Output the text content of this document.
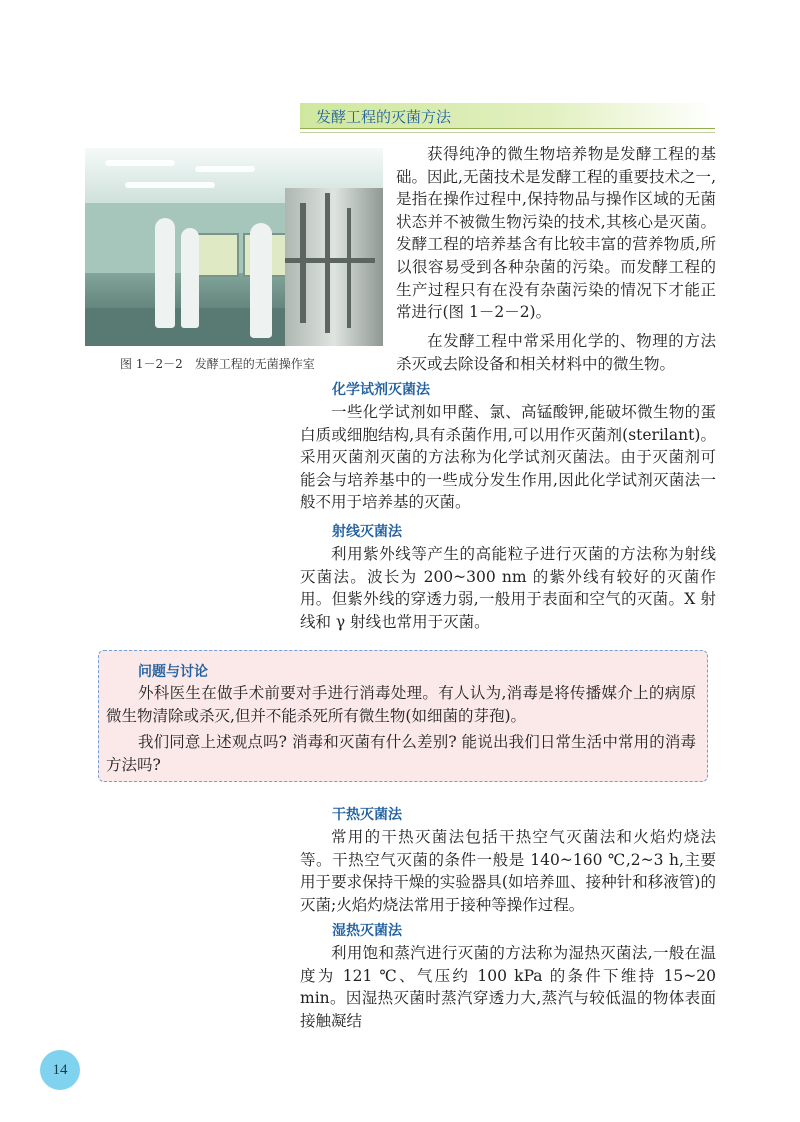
发酵工程的灭菌方法
图 1－2－2　发酵工程的无菌操作室

获得纯净的微生物培养物是发酵工程的基础。因此,无菌技术是发酵工程的重要技术之一,是指在操作过程中,保持物品与操作区域的无菌状态并不被微生物污染的技术,其核心是灭菌。发酵工程的培养基含有比较丰富的营养物质,所以很容易受到各种杂菌的污染。而发酵工程的生产过程只有在没有杂菌污染的情况下才能正常进行(图 1－2－2)。

在发酵工程中常采用化学的、物理的方法杀灭或去除设备和相关材料中的微生物。

化学试剂灭菌法

一些化学试剂如甲醛、氯、高锰酸钾,能破坏微生物的蛋白质或细胞结构,具有杀菌作用,可以用作灭菌剂(sterilant)。采用灭菌剂灭菌的方法称为化学试剂灭菌法。由于灭菌剂可能会与培养基中的一些成分发生作用,因此化学试剂灭菌法一般不用于培养基的灭菌。

射线灭菌法

利用紫外线等产生的高能粒子进行灭菌的方法称为射线灭菌法。波长为 200~300 nm 的紫外线有较好的灭菌作用。但紫外线的穿透力弱,一般用于表面和空气的灭菌。X 射线和 γ 射线也常用于灭菌。

问题与讨论

外科医生在做手术前要对手进行消毒处理。有人认为,消毒是将传播媒介上的病原微生物清除或杀灭,但并不能杀死所有微生物(如细菌的芽孢)。

我们同意上述观点吗? 消毒和灭菌有什么差别? 能说出我们日常生活中常用的消毒方法吗?

干热灭菌法

常用的干热灭菌法包括干热空气灭菌法和火焰灼烧法等。干热空气灭菌的条件一般是 140~160 ℃,2~3 h,主要用于要求保持干燥的实验器具(如培养皿、接种针和移液管)的灭菌;火焰灼烧法常用于接种等操作过程。

湿热灭菌法

利用饱和蒸汽进行灭菌的方法称为湿热灭菌法,一般在温度为 121 ℃、气压约 100 kPa 的条件下维持 15~20 min。因湿热灭菌时蒸汽穿透力大,蒸汽与较低温的物体表面接触凝结

14
